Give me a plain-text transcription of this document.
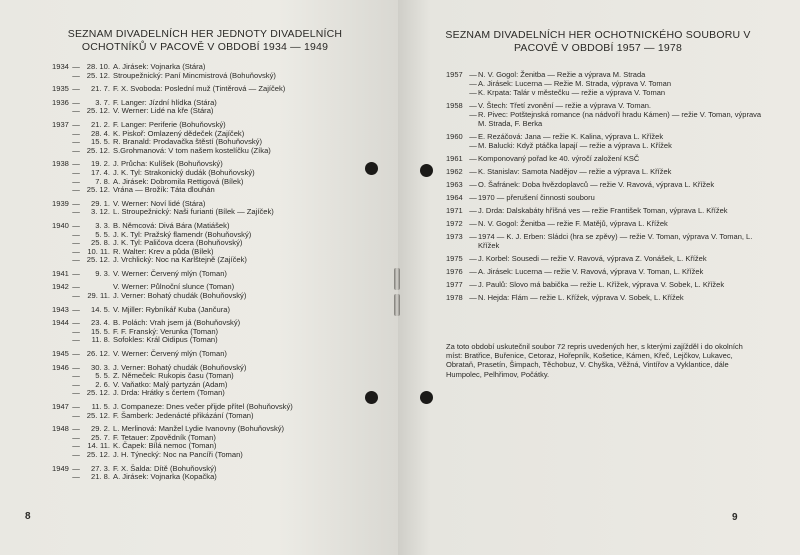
SEZNAM DIVADELNÍCH HER JEDNOTY DIVADELNÍCH OCHOTNÍKŮ V PACOVĚ V OBDOBÍ 1934 — 1949
1934 — 28. 10. A. Jirásek: Vojnarka (Stára)
— 25. 12. Stroupežnický: Paní Mincmistrová (Bohuňovský)
1935 —	21. 7. F. X. Svoboda: Poslední muž (Tintěrová — Zajíček)
1936 —	3. 7. F. Langer: Jízdní hlídka (Stára)
— 25. 12. V. Werner: Lidé na kře (Stára)
1937 —	21. 2. F. Langer: Periferie (Bohuňovský)
—	28. 4. K. Piskoř: Omlazený dědeček (Zajíček)
—	15. 5. R. Branald: Prodavačka štěstí (Bohuňovský)
— 25. 12. S.Grohmanová: V tom našem kostelíčku (Zíka)
1938 —	19. 2. J. Průcha: Kulíšek (Bohuňovský)
—	17. 4. J. K. Tyl: Strakonický dudák (Bohuňovský)
—	7. 8. A. Jirásek: Dobromila Rettigová (Bílek)
— 25. 12. Vrána — Brožík: Táta dlouhán
1939 —	29. 1. V. Werner: Noví lidé (Stára)
—	3. 12. L. Stroupežnický: Naši furianti (Bílek — Zajíček)
1940 —	3. 3. B. Němcová: Divá Bára (Matiášek)
—	5. 5. J. K. Tyl: Pražský flamendr (Bohuňovský)
—	25. 8. J. K. Tyl: Paličova dcera (Bohuňovský)
— 10. 11. R. Walter: Krev a půda (Bílek)
— 25. 12. J. Vrchlický: Noc na Karlštejně (Zajíček)
1941 —	9. 3. V. Werner: Červený mlýn (Toman)
1942 —	V. Werner: Půlnoční slunce (Toman)
— 29. 11. J. Verner: Bohatý chudák (Bohuňovský)
1943 —	14. 5. V. Mjiller: Rybníkář Kuba (Jančura)
1944 —	23. 4. B. Polách: Vrah jsem já (Bohuňovský)
—	15. 5. F. F. Franský: Verunka (Toman)
—	11. 8. Sofokles: Král Oidipus (Toman)
1945 — 26. 12. V. Werner: Červený mlýn (Toman)
1946 —	30. 3. J. Verner: Bohatý chudák (Bohuňovský)
—	5. 5. Z. Němeček: Rukopis času (Toman)
—	2. 6. V. Vaňatko: Malý partyzán (Adam)
— 25. 12. J. Drda: Hrátky s čertem (Toman)
1947 —	11. 5. J. Companeze: Dnes večer přijde přítel (Bohuňovský)
— 25. 12. F. Šamberk: Jedenácté přikázání (Toman)
1948 —	29. 2. L. Merlinová: Manžel Lydie Ivanovny (Bohuňovský)
—	25. 7. F. Tetauer: Zpovědník (Toman)
— 14. 11. K. Čapek: Bílá nemoc (Toman)
— 25. 12. J. H. Týnecký: Noc na Pancíři (Toman)
1949 —	27. 3. F. X. Šalda: Dítě (Bohuňovský)
—	21. 8. A. Jirásek: Vojnarka (Kopačka)
8
SEZNAM DIVADELNÍCH HER OCHOTNICKÉHO SOUBORU V PACOVĚ V OBDOBÍ 1957 — 1978
1957 — N. V. Gogol: Ženitba — Režie a výprava M. Strada
— A. Jirásek: Lucerna — Režie M. Strada, výprava V. Toman
— K. Krpata: Talár v městečku — režie a výprava V. Toman
1958 — V. Štech: Třetí zvonění — režie a výprava V. Toman.
— R. Pivec: Potštejnská romance (na nádvoří hradu Kámen) — režie V. Toman, výprava M. Strada, F. Berka
1960 — E. Rezáčová: Jana — režie K. Kalina, výprava L. Křížek
— M. Balucki: Když ptáčka lapají — režie a výprava L. Křížek
1961 — Komponovaný pořad ke 40. výročí založení KSČ
1962 — K. Stanislav: Samota Nadějov — režie a výprava L. Křížek
1963 — O. Šafránek: Doba hvězdoplavců — režie V. Ravová, výprava L. Křížek
1964 — 1970 — přerušení činnosti souboru
1971 — J. Drda: Dalskabáty hříšná ves — režie František Toman, výprava L. Křížek
1972 — N. V. Gogol: Ženitba — režie F. Matějů, výprava L. Křížek
1973 — 1974 — K. J. Erben: Sládci (hra se zpěvy) — režie V. Toman, výprava V. Toman, L. Křížek
1975 — J. Korbel: Sousedi — režie V. Ravová, výprava Z. Vonášek, L. Křížek
1976 — A. Jirásek: Lucerna — režie V. Ravová, výprava V. Toman, L. Křížek
1977 — J. Paulů: Slovo má babička — režie L. Křížek, výprava V. Sobek, L. Křížek
1978 — N. Hejda: Flám — režie L. Křížek, výprava V. Sobek, L. Křížek
Za toto období uskutečnil soubor 72 repris uvedených her, s kterými zajížděl i do okolních míst: Bratřice, Buřenice, Cetoraz, Hořepník, Košetice, Kámen, Křeč, Lejčkov, Lukavec, Obrataň, Prasetín, Šimpach, Těchobuz, V. Chyška, Věžná, Vintířov a Vyklantice, dále Humpolec, Pelhřimov, Počátky.
9
